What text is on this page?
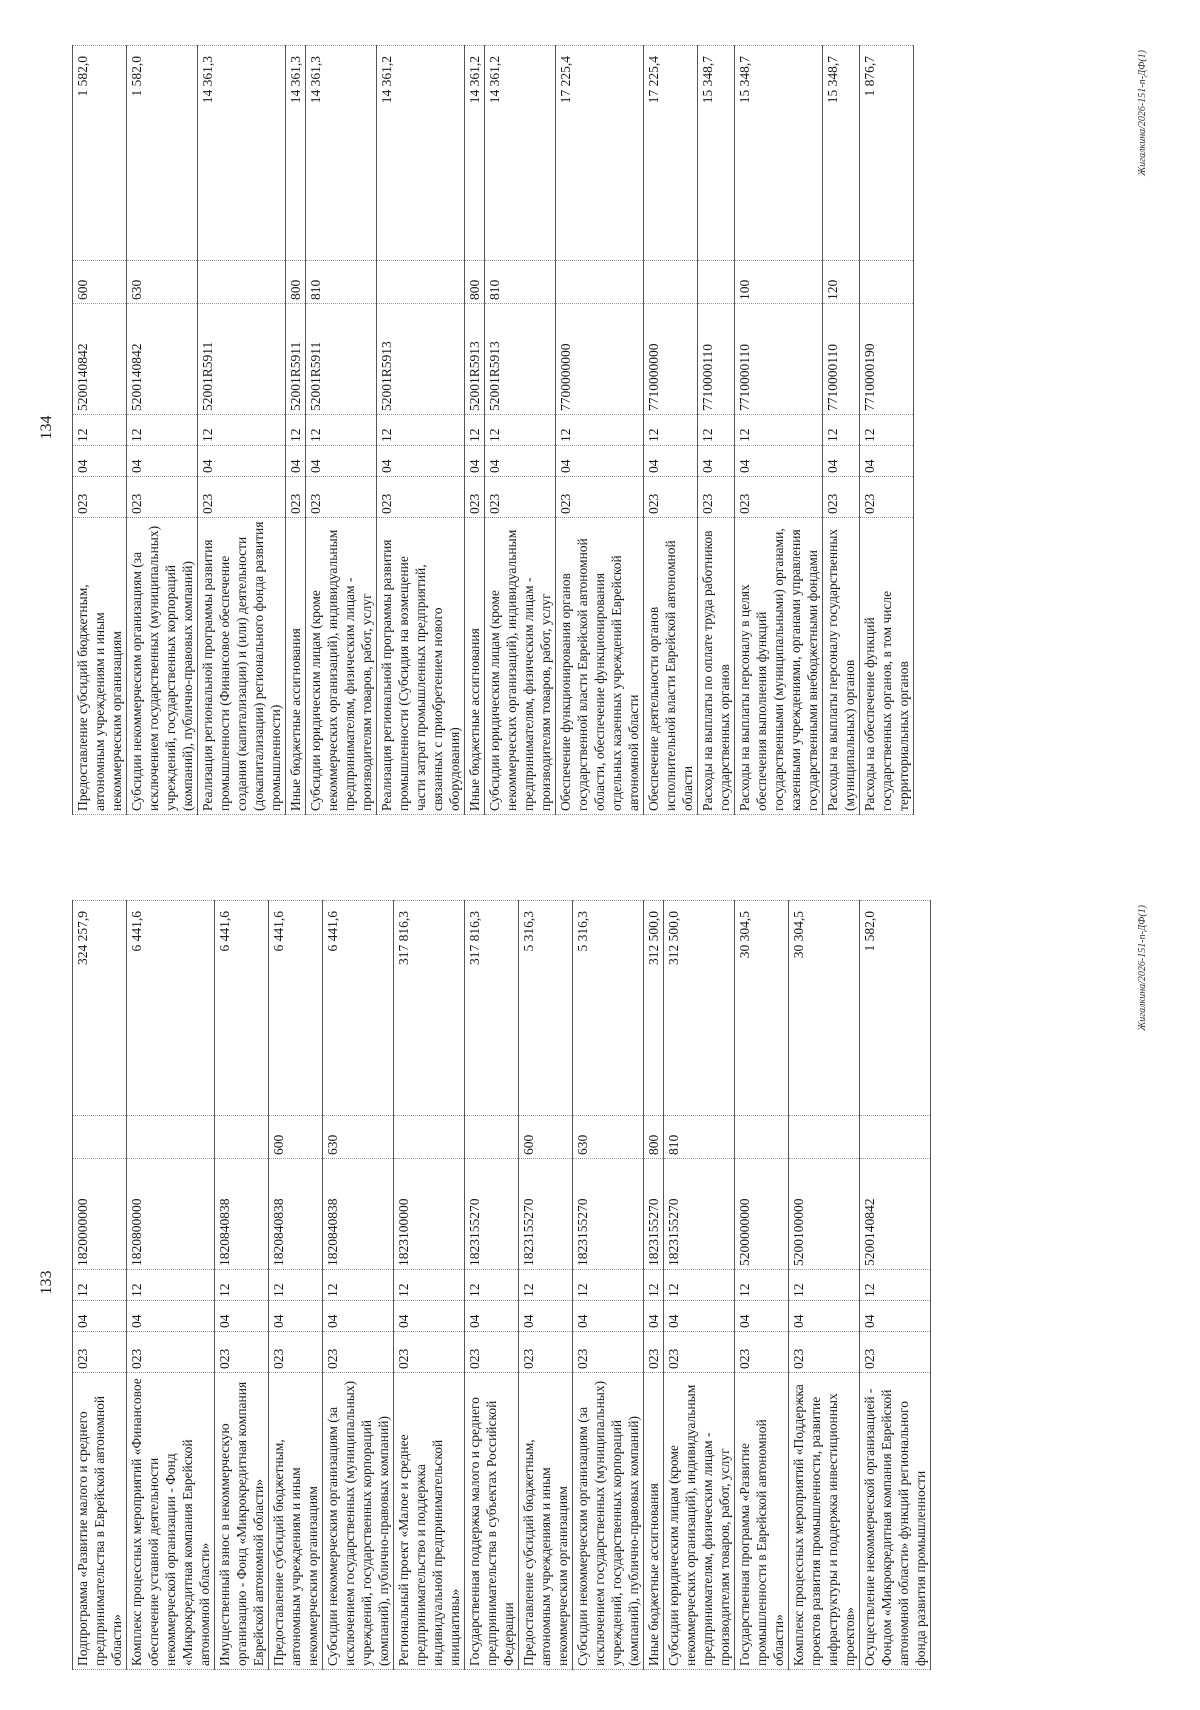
133
Подпрограмма «Развитие малого и среднего предпринимательства в Еврейской автономной области»	023	04	12	1820000000		324 257,9
Комплекс процессных мероприятий «Финансовое обеспечение уставной деятельности некоммерческой организации - Фонд «Микрокредитная компания Еврейской автономной области»	023	04	12	1820800000		6 441,6
Имущественный взнос в некоммерческую организацию - Фонд «Микрокредитная компания Еврейской автономной области»	023	04	12	1820840838		6 441,6
Предоставление субсидий бюджетным, автономным учреждениям и иным некоммерческим организациям	023	04	12	1820840838	600	6 441,6
Субсидии некоммерческим организациям (за исключением государственных (муниципальных) учреждений, государственных корпораций (компаний), публично-правовых компаний)	023	04	12	1820840838	630	6 441,6
Региональный проект «Малое и среднее предпринимательство и поддержка индивидуальной предпринимательской инициативы»	023	04	12	1823100000		317 816,3
Государственная поддержка малого и среднего предпринимательства в субъектах Российской Федерации	023	04	12	1823155270		317 816,3
Предоставление субсидий бюджетным, автономным учреждениям и иным некоммерческим организациям	023	04	12	1823155270	600	5 316,3
Субсидии некоммерческим организациям (за исключением государственных (муниципальных) учреждений, государственных корпораций (компаний), публично-правовых компаний)	023	04	12	1823155270	630	5 316,3
Иные бюджетные ассигнования	023	04	12	1823155270	800	312 500,0
Субсидии юридическим лицам (кроме некоммерческих организаций), индивидуальным предпринимателям, физическим лицам - производителям товаров, работ, услуг	023	04	12	1823155270	810	312 500,0
Государственная программа «Развитие промышленности в Еврейской автономной области»	023	04	12	5200000000		30 304,5
Комплекс процессных мероприятий «Поддержка проектов развития промышленности, развитие инфраструктуры и поддержка инвестиционных проектов»	023	04	12	5200100000		30 304,5
Осуществление некоммерческой организацией - Фондом «Микрокредитная компания Еврейской автономной области» функций регионального фонда развития промышленности	023	04	12	5200140842		1 582,0	Жигалкина/2026-151-п-ДФ(1)
134
Предоставление субсидий бюджетным, автономным учреждениям и иным некоммерческим организациям	023	04	12	5200140842	600	1 582,0
Субсидии некоммерческим организациям (за исключением государственных (муниципальных) учреждений, государственных корпораций (компаний), публично-правовых компаний)	023	04	12	5200140842	630	1 582,0
Реализация региональной программы развития промышленности (Финансовое обеспечение создания (капитализации) и (или) деятельности (докапитализации) регионального фонда развития промышленности)	023	04	12	52001R5911		14 361,3
Иные бюджетные ассигнования	023	04	12	52001R5911	800	14 361,3
Субсидии юридическим лицам (кроме некоммерческих организаций), индивидуальным предпринимателям, физическим лицам - производителям товаров, работ, услуг	023	04	12	52001R5911	810	14 361,3
Реализация региональной программы развития промышленности (Субсидия на возмещение части затрат промышленных предприятий, связанных с приобретением нового оборудования)	023	04	12	52001R5913		14 361,2
Иные бюджетные ассигнования	023	04	12	52001R5913	800	14 361,2
Субсидии юридическим лицам (кроме некоммерческих организаций), индивидуальным предпринимателям, физическим лицам - производителям товаров, работ, услуг	023	04	12	52001R5913	810	14 361,2
Обеспечение функционирования органов государственной власти Еврейской автономной области, обеспечение функционирования отдельных казенных учреждений Еврейской автономной области	023	04	12	7700000000		17 225,4
Обеспечение деятельности органов исполнительной власти Еврейской автономной области	023	04	12	7710000000		17 225,4
Расходы на выплаты по оплате труда работников государственных органов	023	04	12	7710000110		15 348,7
Расходы на выплаты персоналу в целях обеспечения выполнения функций государственными (муниципальными) органами, казенными учреждениями, органами управления государственными внебюджетными фондами	023	04	12	7710000110	100	15 348,7
Расходы на выплаты персоналу государственных (муниципальных) органов	023	04	12	7710000110	120	15 348,7
Расходы на обеспечение функций государственных органов, в том числе территориальных органов	023	04	12	7710000190		1 876,7	Жигалкина/2026-151-п-ДФ(1)
